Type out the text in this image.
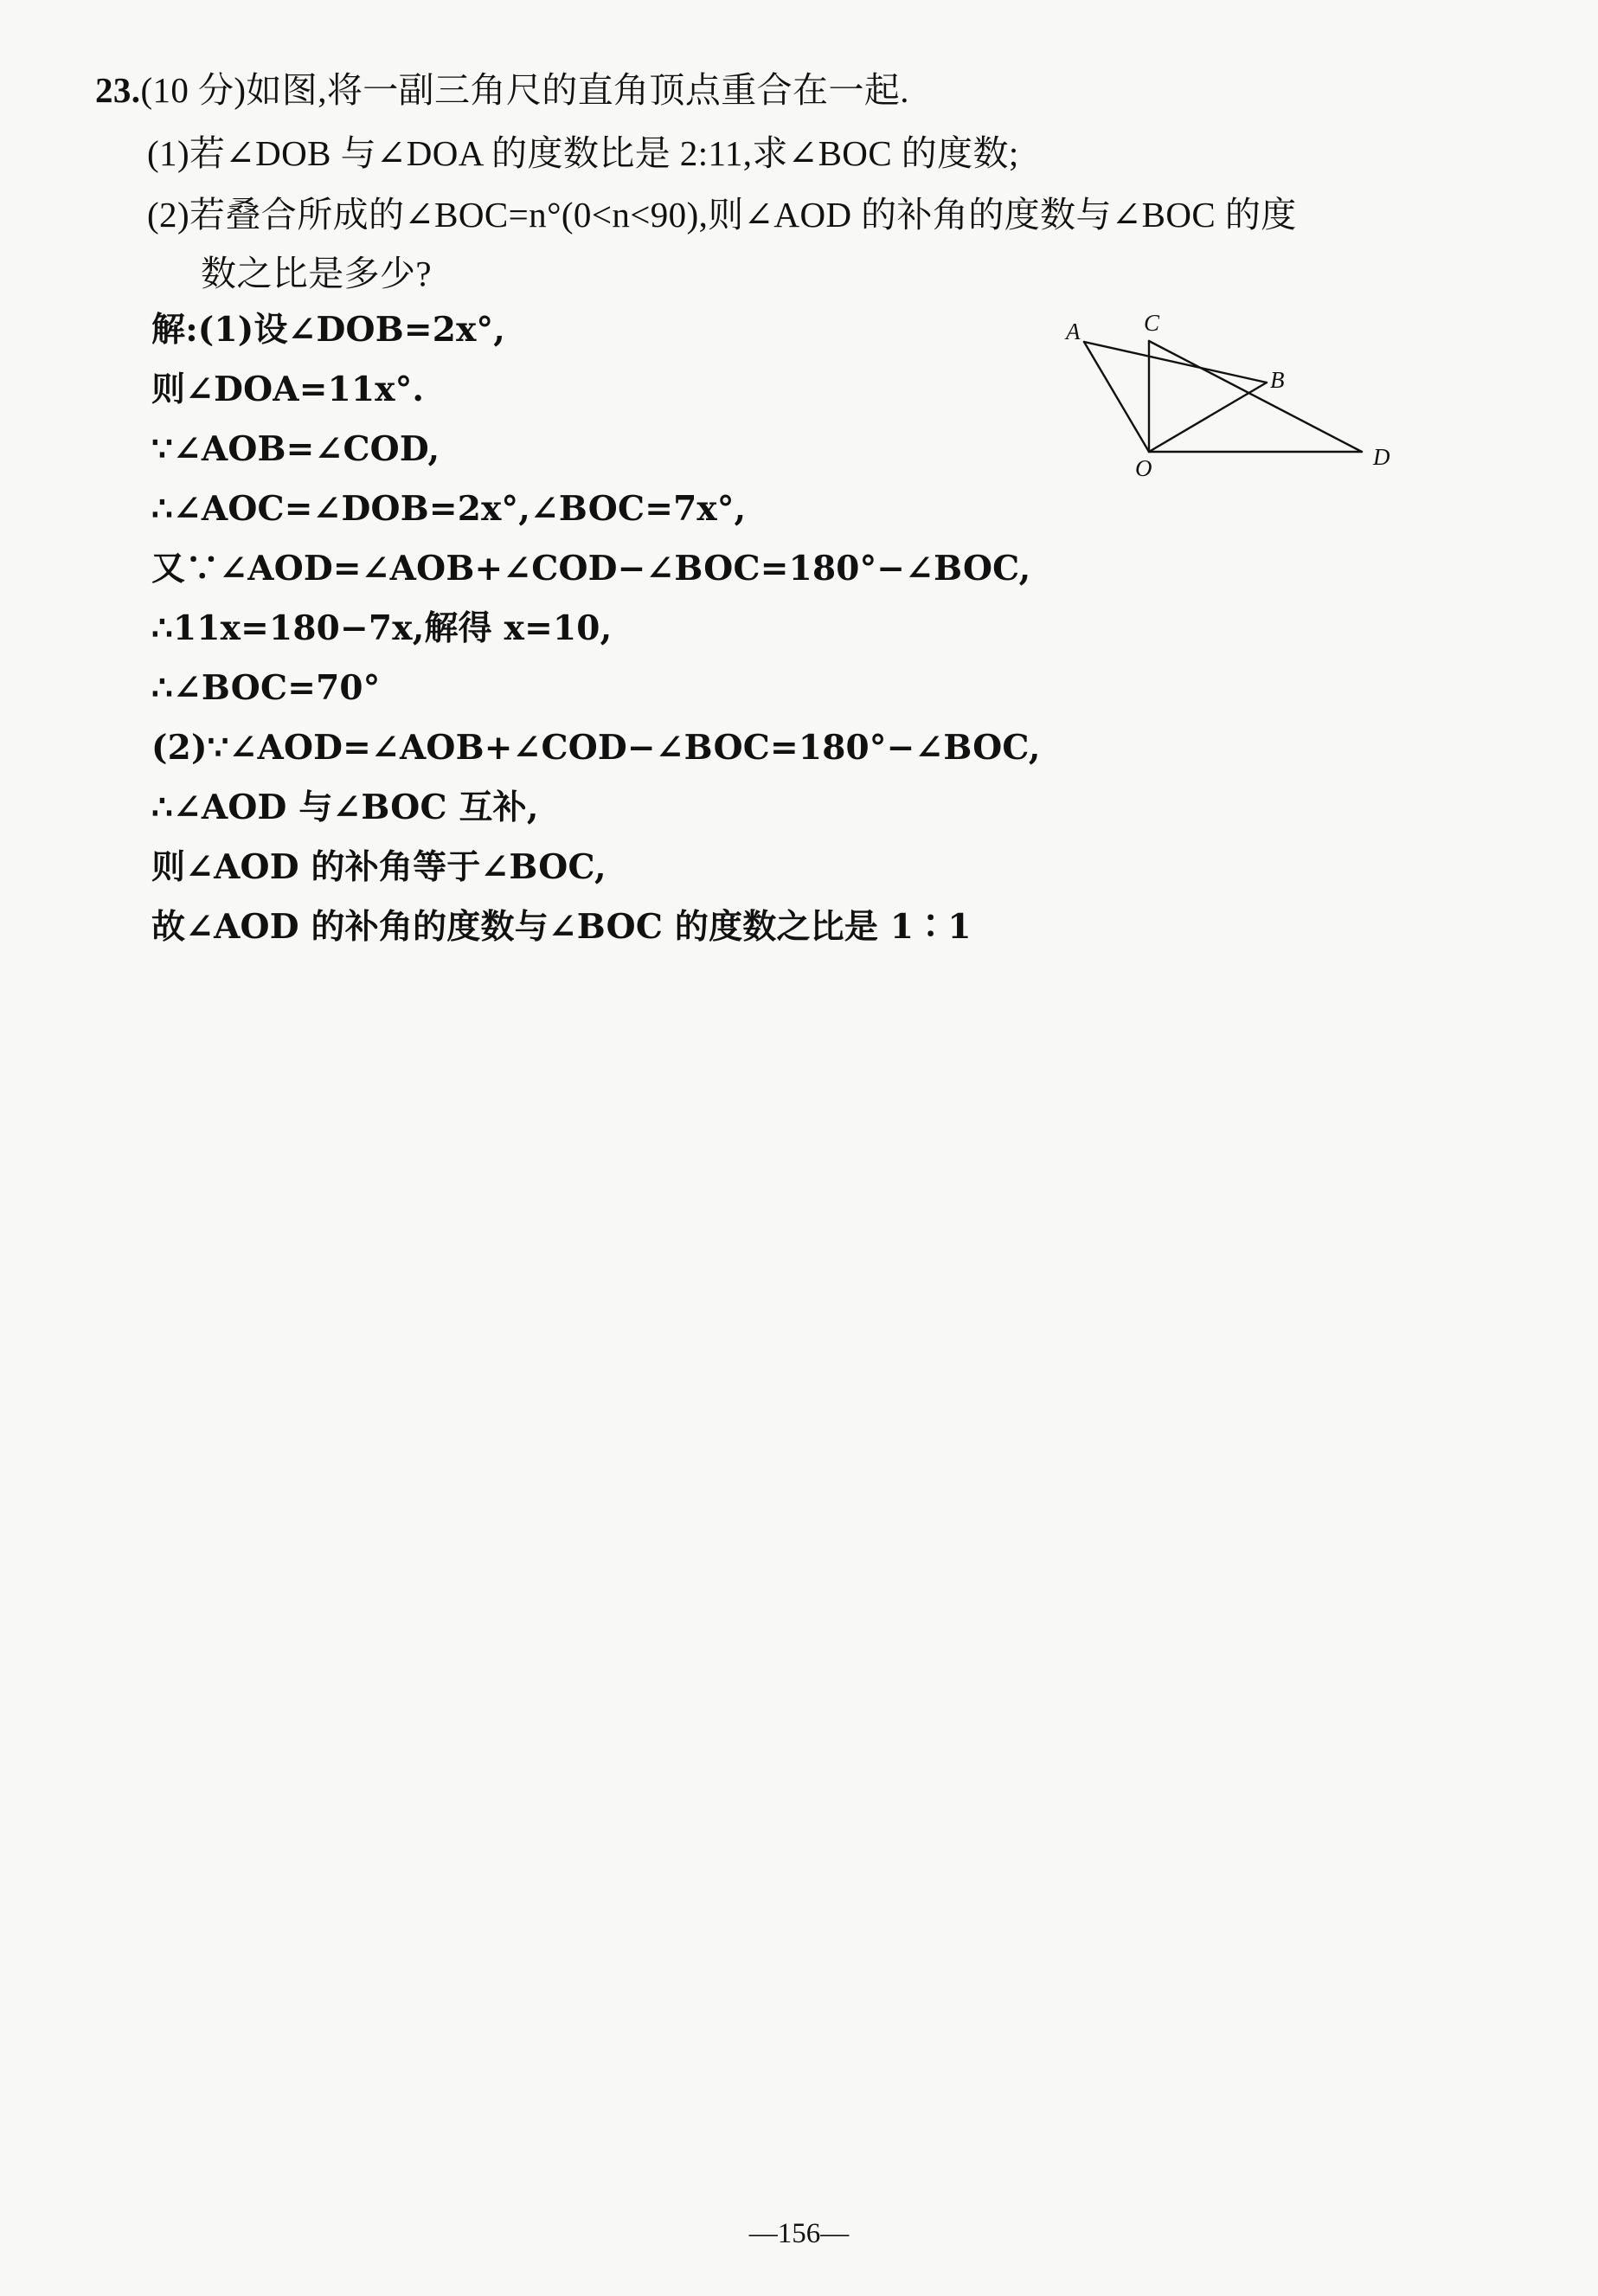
23.(10 分)如图,将一副三角尺的直角顶点重合在一起.
(1)若∠DOB 与∠DOA 的度数比是 2:11,求∠BOC 的度数;
(2)若叠合所成的∠BOC=n°(0<n<90),则∠AOD 的补角的度数与∠BOC 的度
数之比是多少?
A	C
B
O	D
解:(1)设∠DOB=2x°,
则∠DOA=11x°.
∵∠AOB=∠COD,
∴∠AOC=∠DOB=2x°,∠BOC=7x°,
又∵∠AOD=∠AOB+∠COD−∠BOC=180°−∠BOC,
∴11x=180−7x,解得 x=10,
∴∠BOC=70°
(2)∵∠AOD=∠AOB+∠COD−∠BOC=180°−∠BOC,
∴∠AOD 与∠BOC 互补,
则∠AOD 的补角等于∠BOC,
故∠AOD 的补角的度数与∠BOC 的度数之比是 1∶1
—156—
